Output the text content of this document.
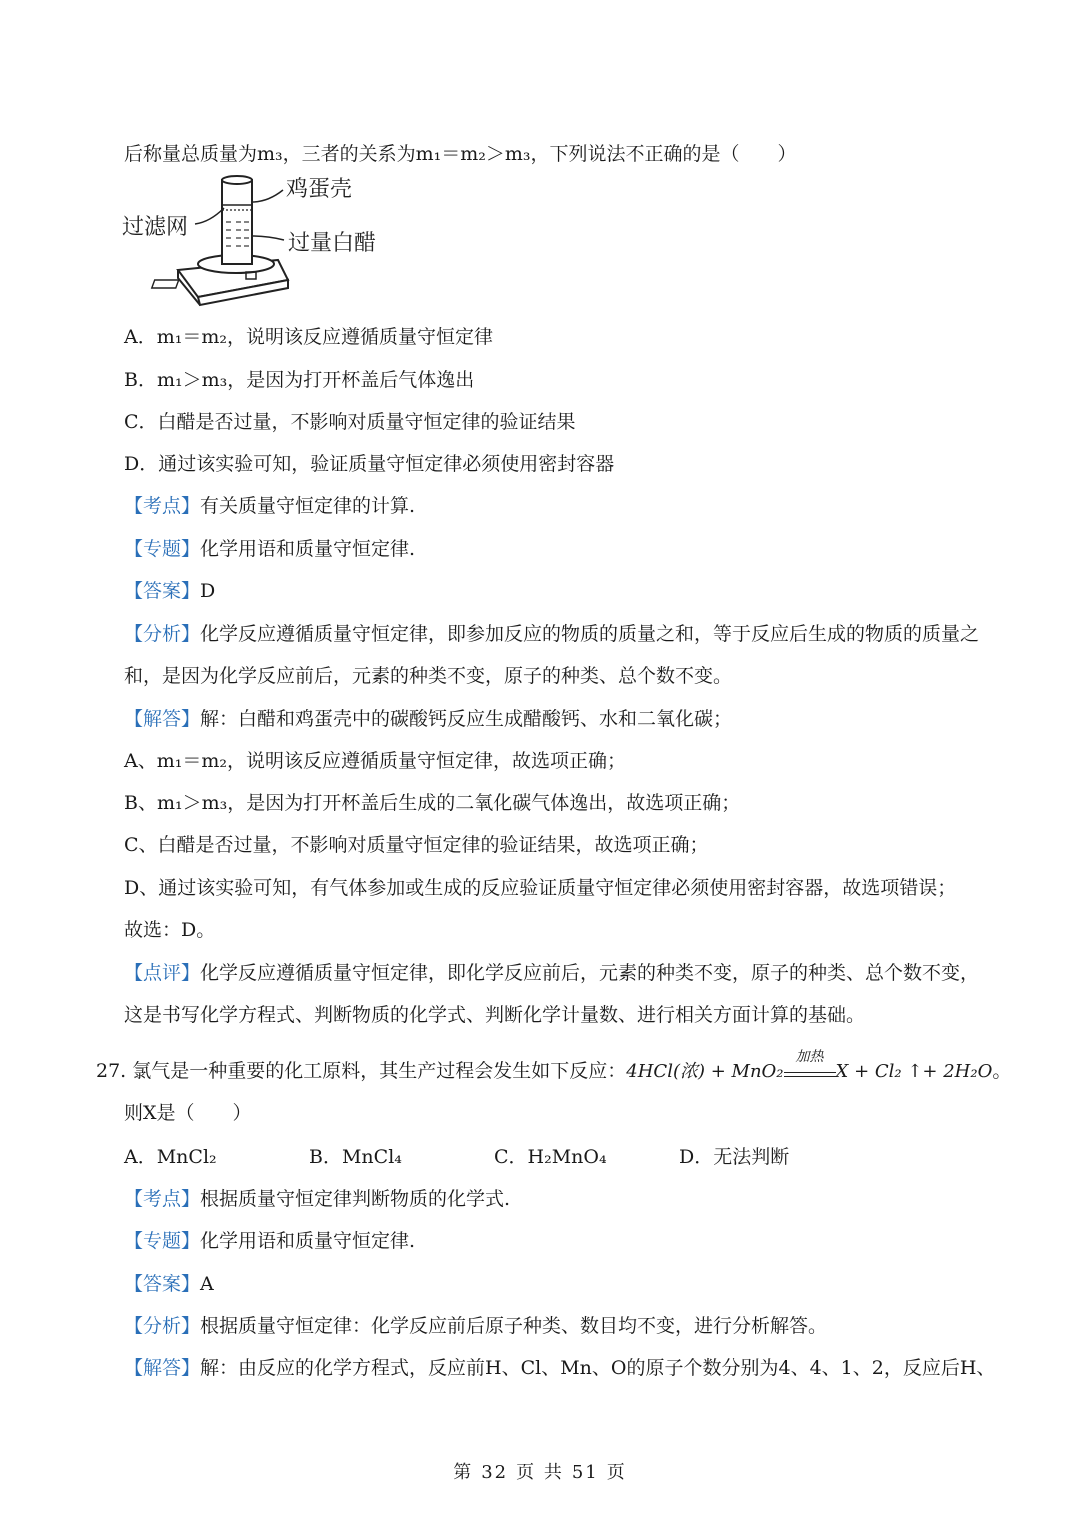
后称量总质量为m₃，三者的关系为m₁＝m₂＞m₃，下列说法不正确的是（　　）
鸡蛋壳
过滤网
过量白醋
A．m₁＝m₂，说明该反应遵循质量守恒定律
B．m₁＞m₃，是因为打开杯盖后气体逸出
C．白醋是否过量，不影响对质量守恒定律的验证结果
D．通过该实验可知，验证质量守恒定律必须使用密封容器
【考点】有关质量守恒定律的计算.
【专题】化学用语和质量守恒定律.
【答案】D
【分析】化学反应遵循质量守恒定律，即参加反应的物质的质量之和，等于反应后生成的物质的质量之
和，是因为化学反应前后，元素的种类不变，原子的种类、总个数不变。
【解答】解：白醋和鸡蛋壳中的碳酸钙反应生成醋酸钙、水和二氧化碳；
A、m₁＝m₂，说明该反应遵循质量守恒定律，故选项正确；
B、m₁＞m₃，是因为打开杯盖后生成的二氧化碳气体逸出，故选项正确；
C、白醋是否过量，不影响对质量守恒定律的验证结果，故选项正确；
D、通过该实验可知，有气体参加或生成的反应验证质量守恒定律必须使用密封容器，故选项错误；
故选：D。
【点评】化学反应遵循质量守恒定律，即化学反应前后，元素的种类不变，原子的种类、总个数不变，
这是书写化学方程式、判断物质的化学式、判断化学计量数、进行相关方面计算的基础。
27. 氯气是一种重要的化工原料，其生产过程会发生如下反应：4HCl(浓) + MnO₂
加热
X + Cl₂ ↑+ 2H₂O。
则X是（　　）
A．MnCl₂	B．MnCl₄	C．H₂MnO₄	D．无法判断
【考点】根据质量守恒定律判断物质的化学式.
【专题】化学用语和质量守恒定律.
【答案】A
【分析】根据质量守恒定律：化学反应前后原子种类、数目均不变，进行分析解答。
【解答】解：由反应的化学方程式，反应前H、Cl、Mn、O的原子个数分别为4、4、1、2，反应后H、
第 32 页 共 51 页
